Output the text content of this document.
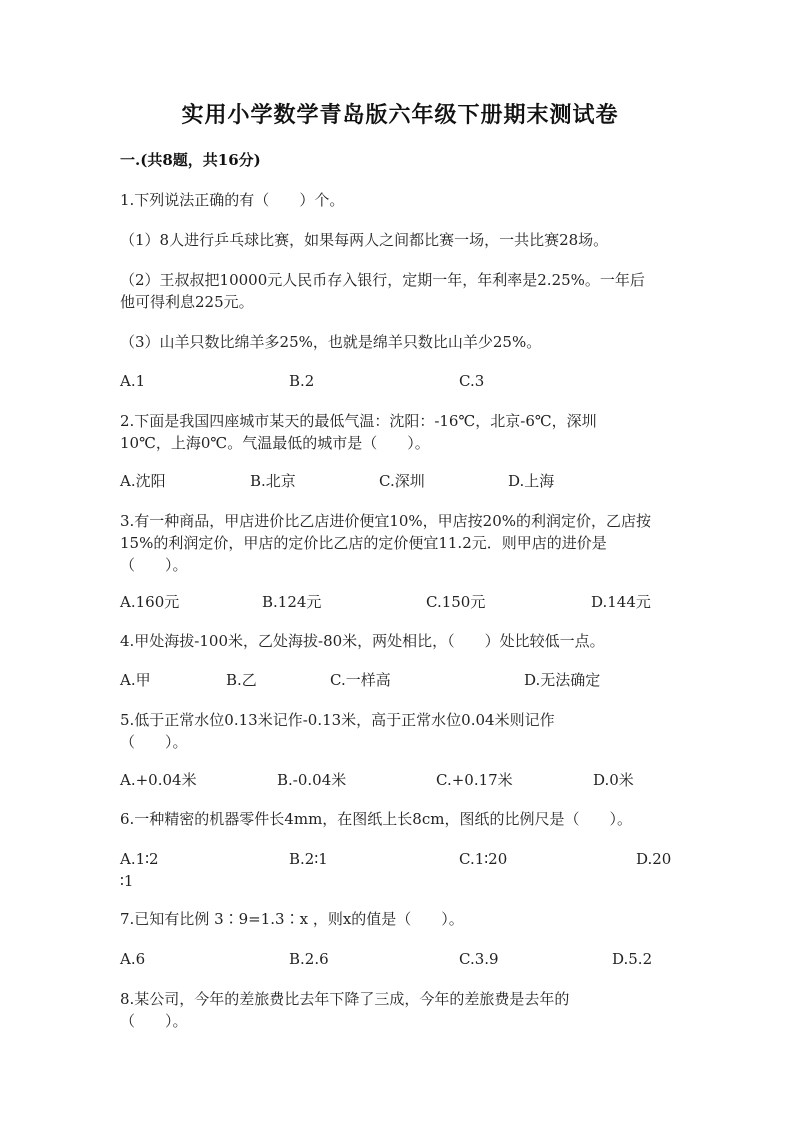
实用小学数学青岛版六年级下册期末测试卷
一.(共8题，共16分)
1.下列说法正确的有（　　）个。
（1）8人进行乒乓球比赛，如果每两人之间都比赛一场，一共比赛28场。
（2）王叔叔把10000元人民币存入银行，定期一年，年利率是2.25%。一年后
他可得利息225元。
（3）山羊只数比绵羊多25%，也就是绵羊只数比山羊少25%。
A.1	B.2	C.3
2.下面是我国四座城市某天的最低气温：沈阳：-16℃，北京-6℃，深圳
10℃，上海0℃。气温最低的城市是（　　）。
A.沈阳	B.北京	C.深圳	D.上海
3.有一种商品，甲店进价比乙店进价便宜10%，甲店按20%的利润定价，乙店按
15%的利润定价，甲店的定价比乙店的定价便宜11.2元．则甲店的进价是
（　　）。
A.160元	B.124元	C.150元	D.144元
4.甲处海拔-100米，乙处海拔-80米，两处相比，（　　）处比较低一点。
A.甲	B.乙	C.一样高	D.无法确定
5.低于正常水位0.13米记作-0.13米，高于正常水位0.04米则记作
（　　）。
A.+0.04米	B.-0.04米	C.+0.17米	D.0米
6.一种精密的机器零件长4mm，在图纸上长8cm，图纸的比例尺是（　　）。
A.1∶2	B.2∶1	C.1∶20	D.20
∶1
7.已知有比例 3∶9=1.3∶x ，则x的值是（　　）。
A.6	B.2.6	C.3.9	D.5.2
8.某公司，今年的差旅费比去年下降了三成，今年的差旅费是去年的
（　　）。
